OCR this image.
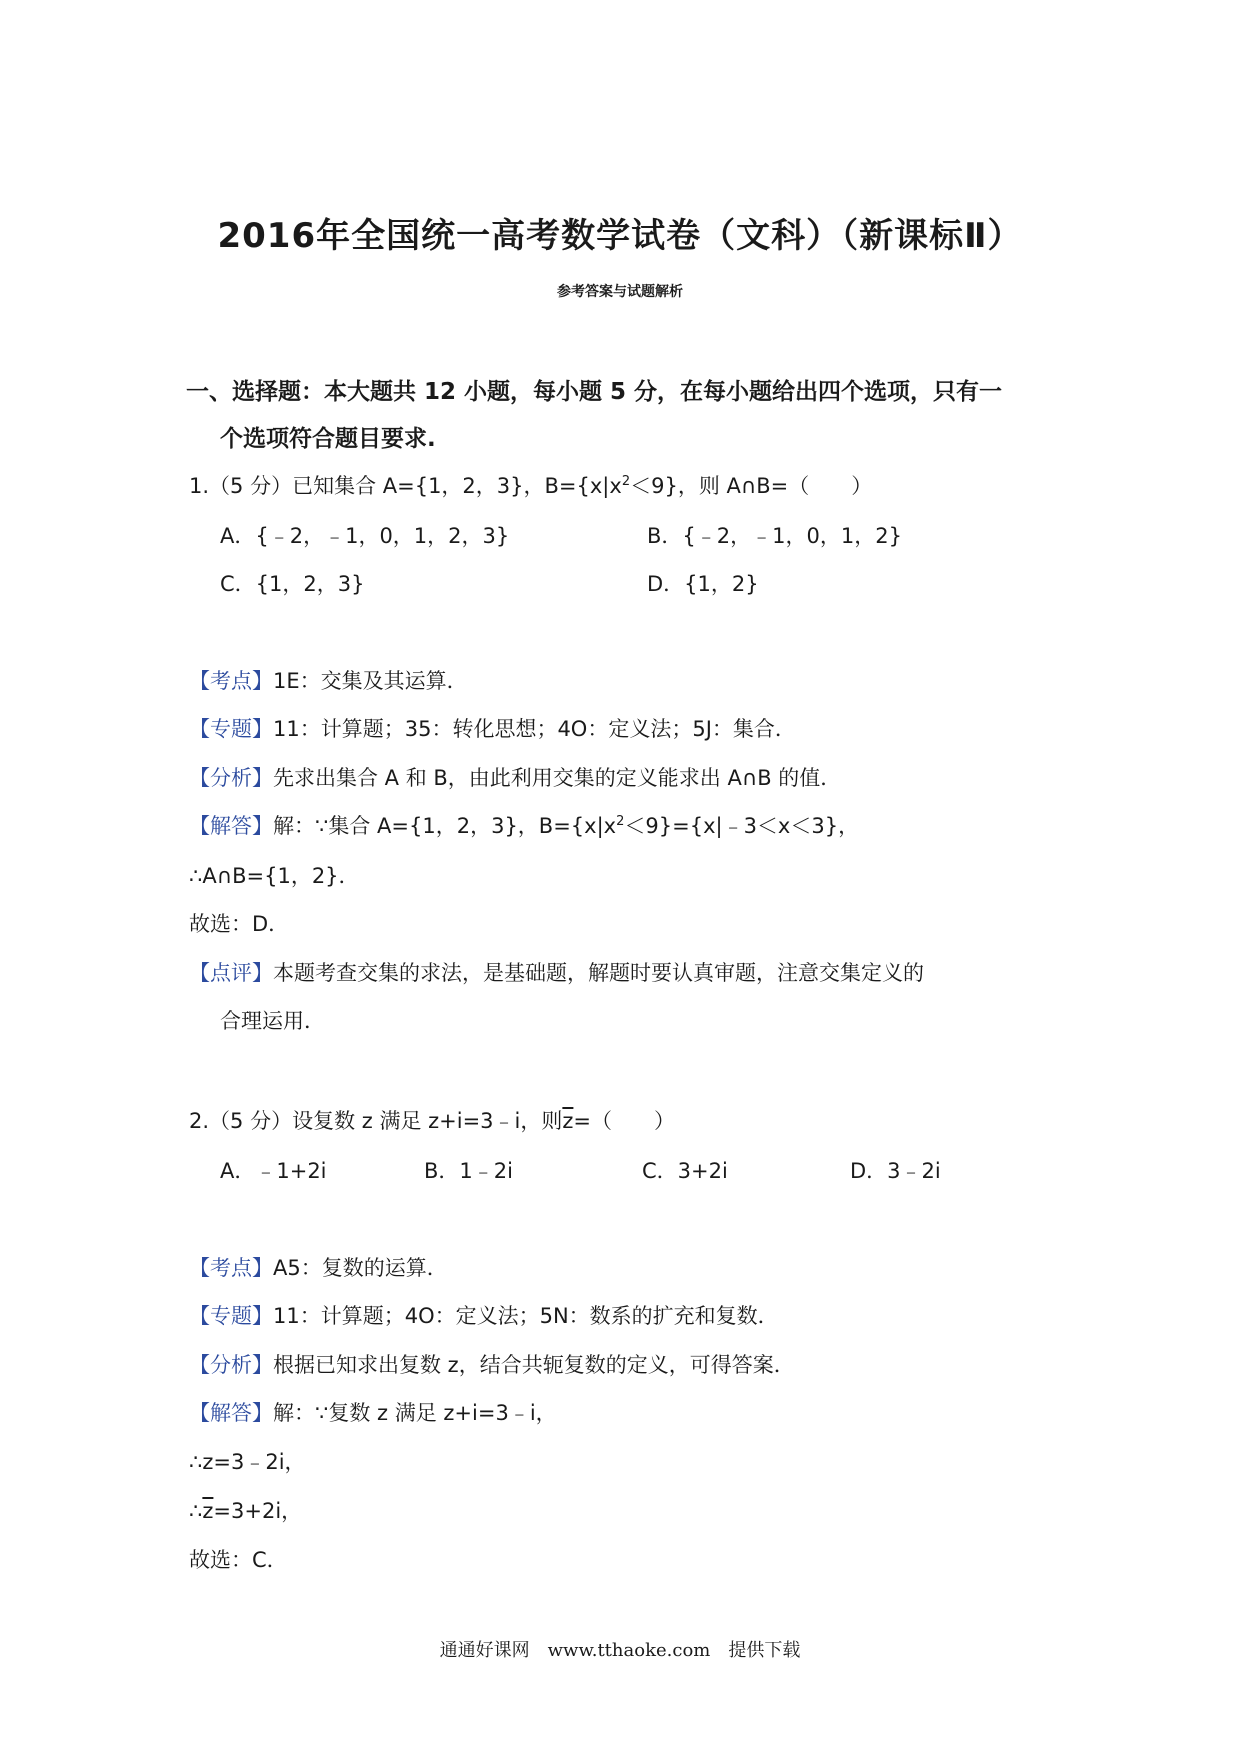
2016年全国统一高考数学试卷（文科）（新课标Ⅱ）
参考答案与试题解析
一、选择题：本大题共 12 小题，每小题 5 分，在每小题给出四个选项，只有一
个选项符合题目要求.
1.（5 分）已知集合 A={1，2，3}，$B=\{x|x^2<9\}$，则 A∩B=（　　）
A．{﹣2，﹣1，0，1，2，3}	B．{﹣2，﹣1，0，1，2}
C．{1，2，3}	D．{1，2}
【考点】1E：交集及其运算．
【专题】11：计算题；35：转化思想；4O：定义法；5J：集合．
【分析】先求出集合 A 和 B，由此利用交集的定义能求出 A∩B 的值．
【解答】解：∵集合 A={1，2，3}，$B=\{x|x^2<9\}=\{x|﹣3<x<3\}$，
∴A∩B={1，2}．
故选：D．
【点评】本题考查交集的求法，是基础题，解题时要认真审题，注意交集定义的
合理运用．
2.（5 分）设复数 z 满足 z+i=3﹣i，则$\overline{z}=$（　　）
A．﹣1+2i	B．1﹣2i	C．3+2i	D．3﹣2i
【考点】A5：复数的运算．
【专题】11：计算题；4O：定义法；5N：数系的扩充和复数．
【分析】根据已知求出复数 z，结合共轭复数的定义，可得答案．
【解答】解：∵复数 z 满足 z+i=3﹣i，
∴z=3﹣2i，
$\therefore\overline{z}=3+2i$，
故选：C．
通通好课网　www.tthaoke.com　提供下载
